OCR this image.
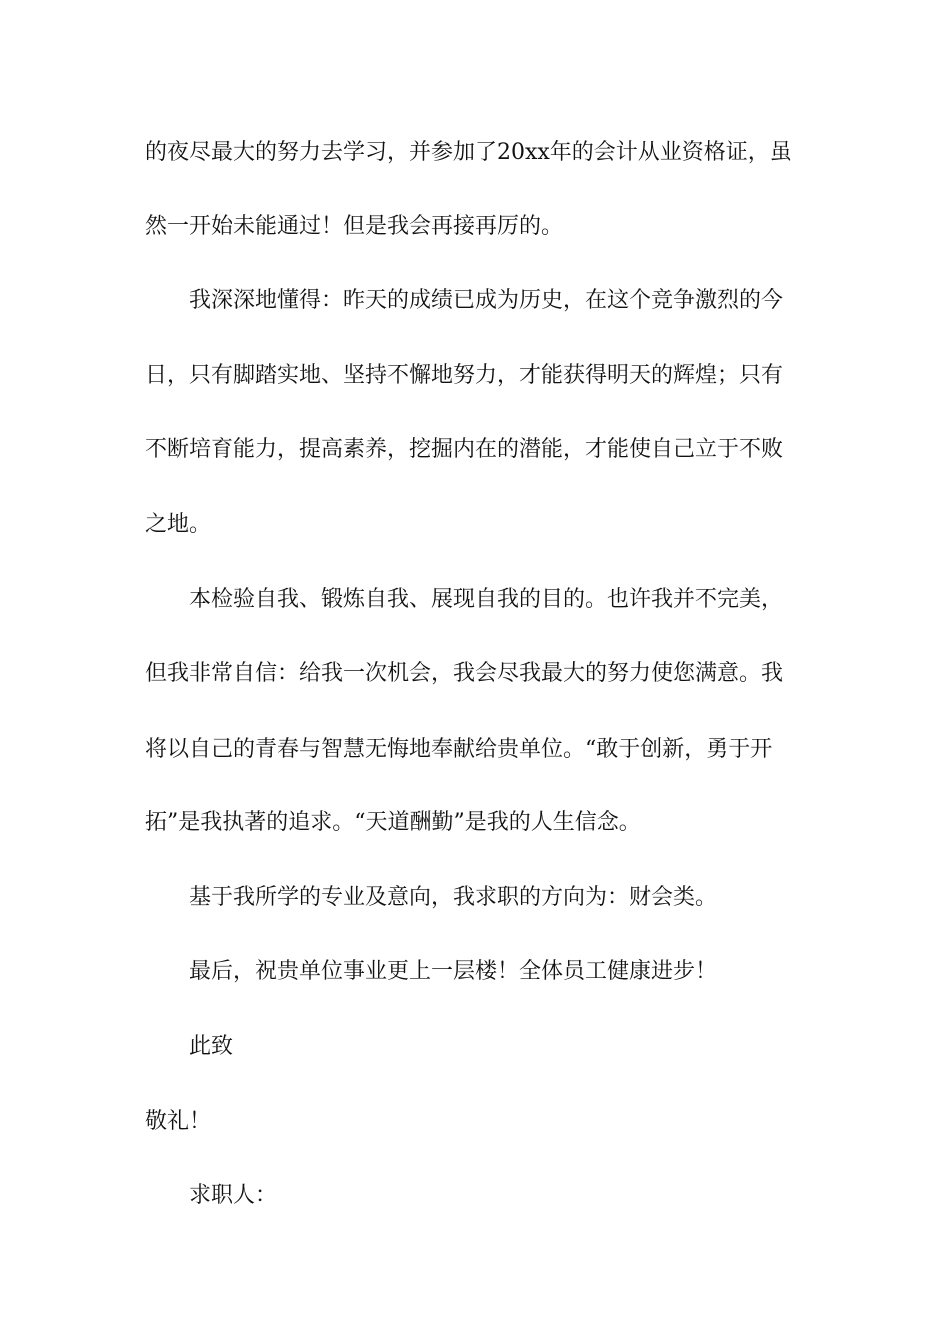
的夜尽最大的努力去学习，并参加了20xx年的会计从业资格证，虽

然一开始未能通过！但是我会再接再厉的。

我深深地懂得：昨天的成绩已成为历史，在这个竞争激烈的今

日，只有脚踏实地、坚持不懈地努力，才能获得明天的辉煌；只有

不断培育能力，提高素养，挖掘内在的潜能，才能使自己立于不败

之地。

本检验自我、锻炼自我、展现自我的目的。也许我并不完美，

但我非常自信：给我一次机会，我会尽我最大的努力使您满意。我

将以自己的青春与智慧无悔地奉献给贵单位。“敢于创新，勇于开

拓”是我执著的追求。“天道酬勤”是我的人生信念。

基于我所学的专业及意向，我求职的方向为：财会类。

最后，祝贵单位事业更上一层楼！全体员工健康进步！

此致

敬礼！

求职人：
